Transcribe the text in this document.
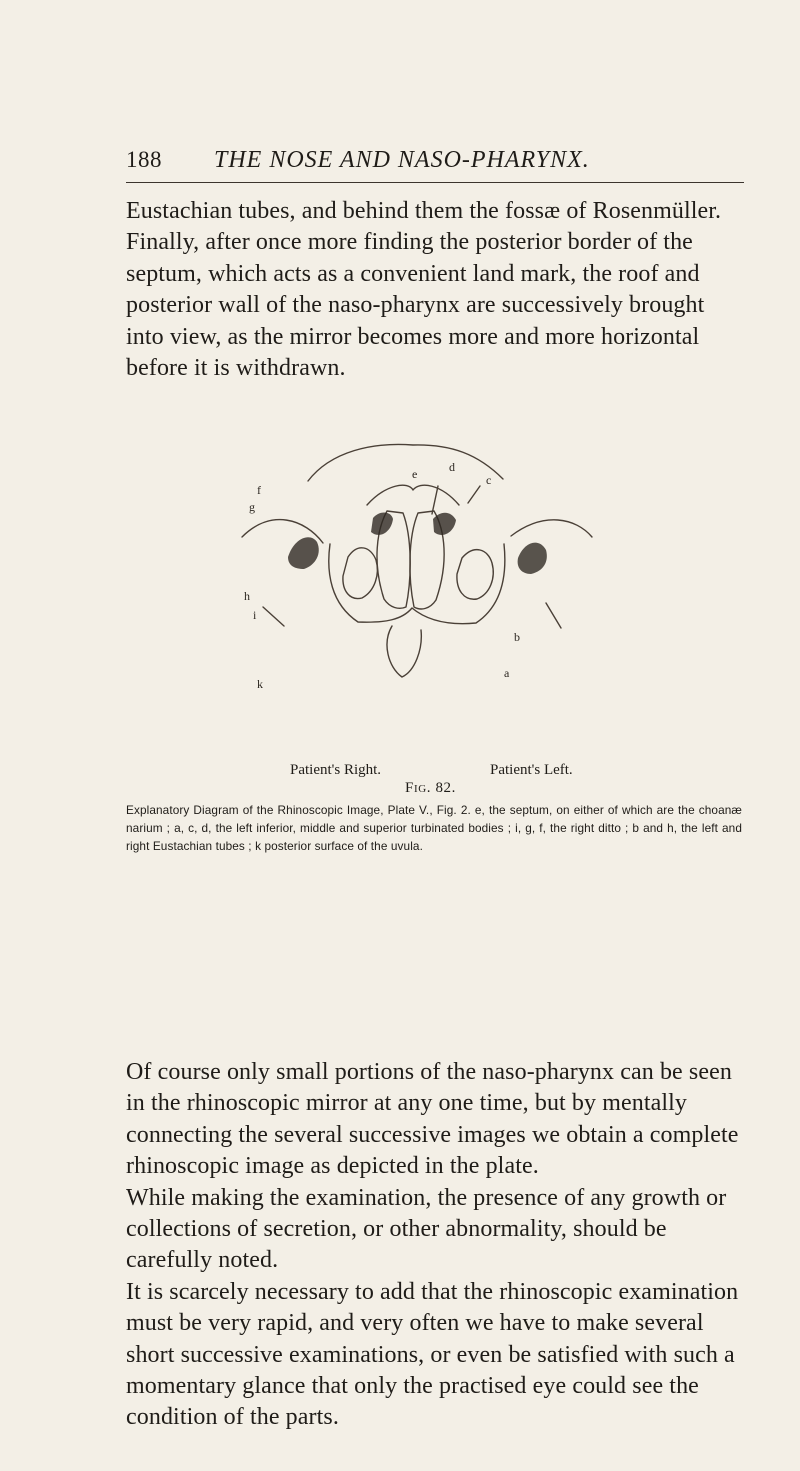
188 THE NOSE AND NASO-PHARYNX.

Eustachian tubes, and behind them the fossæ of Rosenmüller. Finally, after once more finding the posterior border of the septum, which acts as a convenient land mark, the roof and posterior wall of the naso-pharynx are successively brought into view, as the mirror becomes more and more horizontal before it is withdrawn.

e
f
g
h
i
a
b
c
d
k
Patient's Right.	Patient's Left.
Fig. 82.
Explanatory Diagram of the Rhinoscopic Image, Plate V., Fig. 2. e, the septum, on either of which are the choanæ narium ; a, c, d, the left inferior, middle and superior turbinated bodies ; i, g, f, the right ditto ; b and h, the left and right Eustachian tubes ; k posterior surface of the uvula.

Of course only small portions of the naso-pharynx can be seen in the rhinoscopic mirror at any one time, but by mentally connecting the several successive images we obtain a complete rhinoscopic image as depicted in the plate.

While making the examination, the presence of any growth or collections of secretion, or other abnormality, should be carefully noted.

It is scarcely necessary to add that the rhinoscopic examination must be very rapid, and very often we have to make several short successive examinations, or even be satisfied with such a momentary glance that only the practised eye could see the condition of the parts.
